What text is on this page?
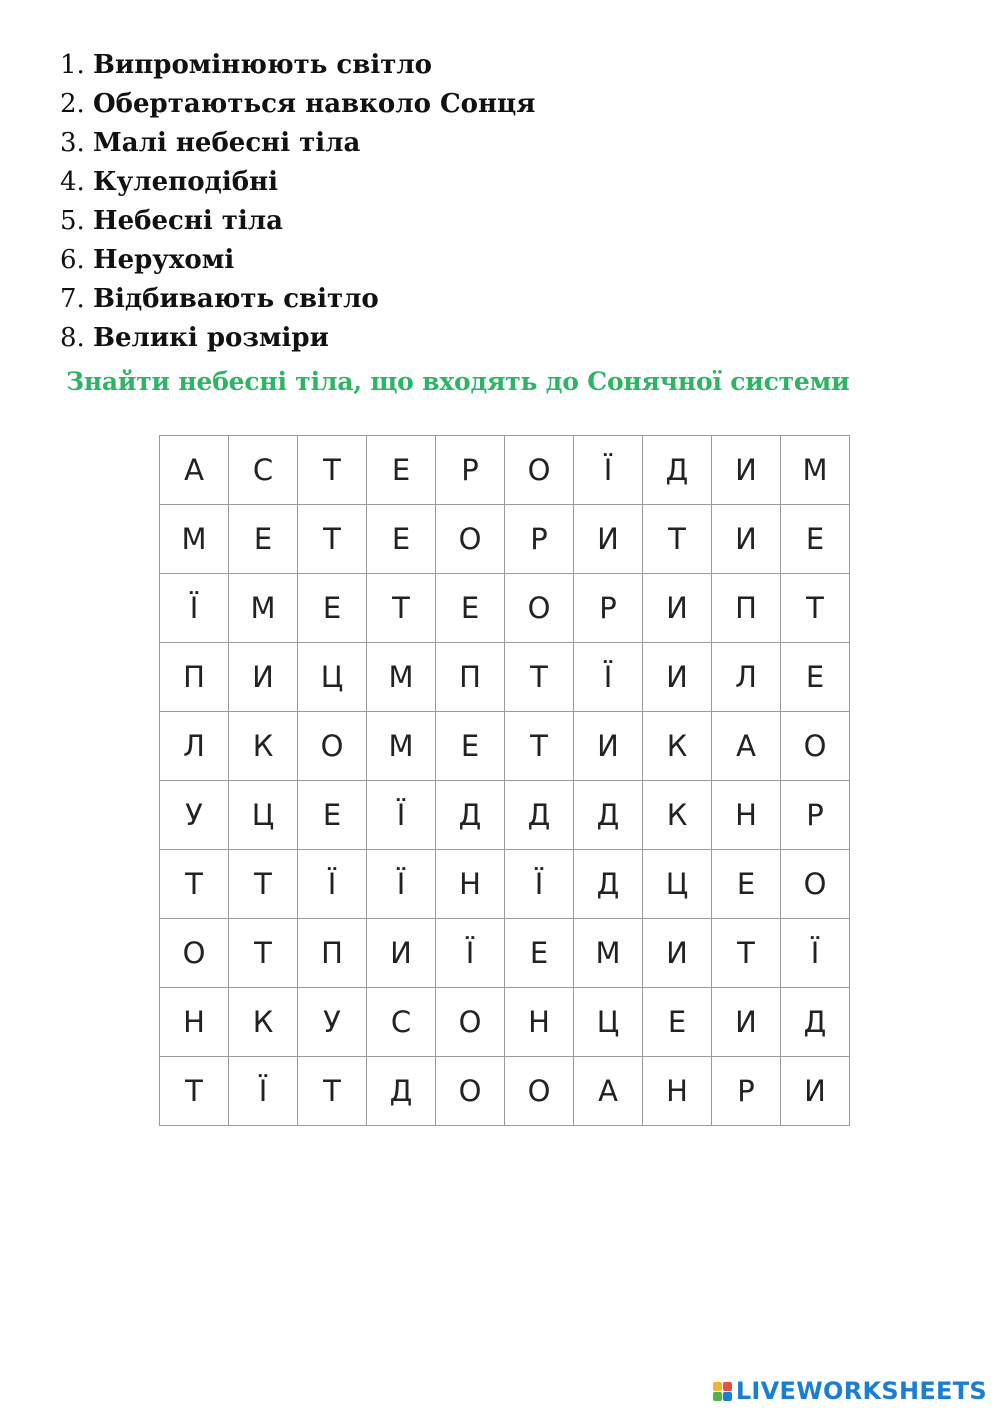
1. Випромінюють світло
2. Обертаються навколо Сонця
3. Малі небесні тіла
4. Кулеподібні
5. Небесні тіла
6. Нерухомі
7. Відбивають світло
8. Великі розміри
Знайти небесні тіла, що входять до Сонячної системи
А	С	Т	Е	Р	О	Ї	Д	И	М
М	Е	Т	Е	О	Р	И	Т	И	Е
Ї	М	Е	Т	Е	О	Р	И	П	Т
П	И	Ц	М	П	Т	Ї	И	Л	Е
Л	К	О	М	Е	Т	И	К	А	О
У	Ц	Е	Ї	Д	Д	Д	К	Н	Р
Т	Т	Ї	Ї	Н	Ї	Д	Ц	Е	О
О	Т	П	И	Ї	Е	М	И	Т	Ї
Н	К	У	С	О	Н	Ц	Е	И	Д
Т	Ї	Т	Д	О	О	А	Н	Р	И
LIVEWORKSHEETS
